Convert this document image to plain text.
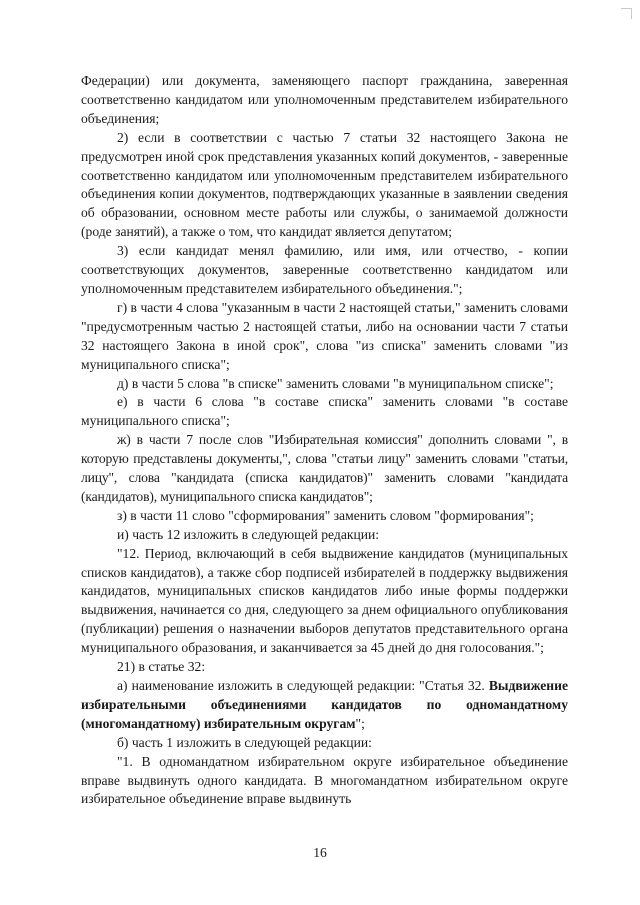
Федерации) или документа, заменяющего паспорт гражданина, заверенная соответственно кандидатом или уполномоченным представителем избирательного объединения;

2) если в соответствии с частью 7 статьи 32 настоящего Закона не предусмотрен иной срок представления указанных копий документов, - заверенные соответственно кандидатом или уполномоченным представителем избирательного объединения копии документов, подтверждающих указанные в заявлении сведения об образовании, основном месте работы или службы, о занимаемой должности (роде занятий), а также о том, что кандидат является депутатом;

3) если кандидат менял фамилию, или имя, или отчество, - копии соответствующих документов, заверенные соответственно кандидатом или уполномоченным представителем избирательного объединения.";

г) в части 4 слова "указанным в части 2 настоящей статьи," заменить словами "предусмотренным частью 2 настоящей статьи, либо на основании части 7 статьи 32 настоящего Закона в иной срок", слова "из списка" заменить словами "из муниципального списка";

д) в части 5 слова "в списке" заменить словами "в муниципальном списке";

е) в части 6 слова "в составе списка" заменить словами "в составе муниципального списка";

ж) в части 7 после слов "Избирательная комиссия" дополнить словами ", в которую представлены документы,", слова "статьи лицу" заменить словами "статьи, лицу", слова "кандидата (списка кандидатов)" заменить словами "кандидата (кандидатов), муниципального списка кандидатов";

з) в части 11 слово "сформирования" заменить словом "формирования";

и) часть 12 изложить в следующей редакции:

"12. Период, включающий в себя выдвижение кандидатов (муниципальных списков кандидатов), а также сбор подписей избирателей в поддержку выдвижения кандидатов, муниципальных списков кандидатов либо иные формы поддержки выдвижения, начинается со дня, следующего за днем официального опубликования (публикации) решения о назначении выборов депутатов представительного органа муниципального образования, и заканчивается за 45 дней до дня голосования.";

21) в статье 32:

а) наименование изложить в следующей редакции: "Статья 32. Выдвижение избирательными объединениями кандидатов по одномандатному (многомандатному) избирательным округам";

б) часть 1 изложить в следующей редакции:

"1. В одномандатном избирательном округе избирательное объединение вправе выдвинуть одного кандидата. В многомандатном избирательном округе избирательное объединение вправе выдвинуть

16
